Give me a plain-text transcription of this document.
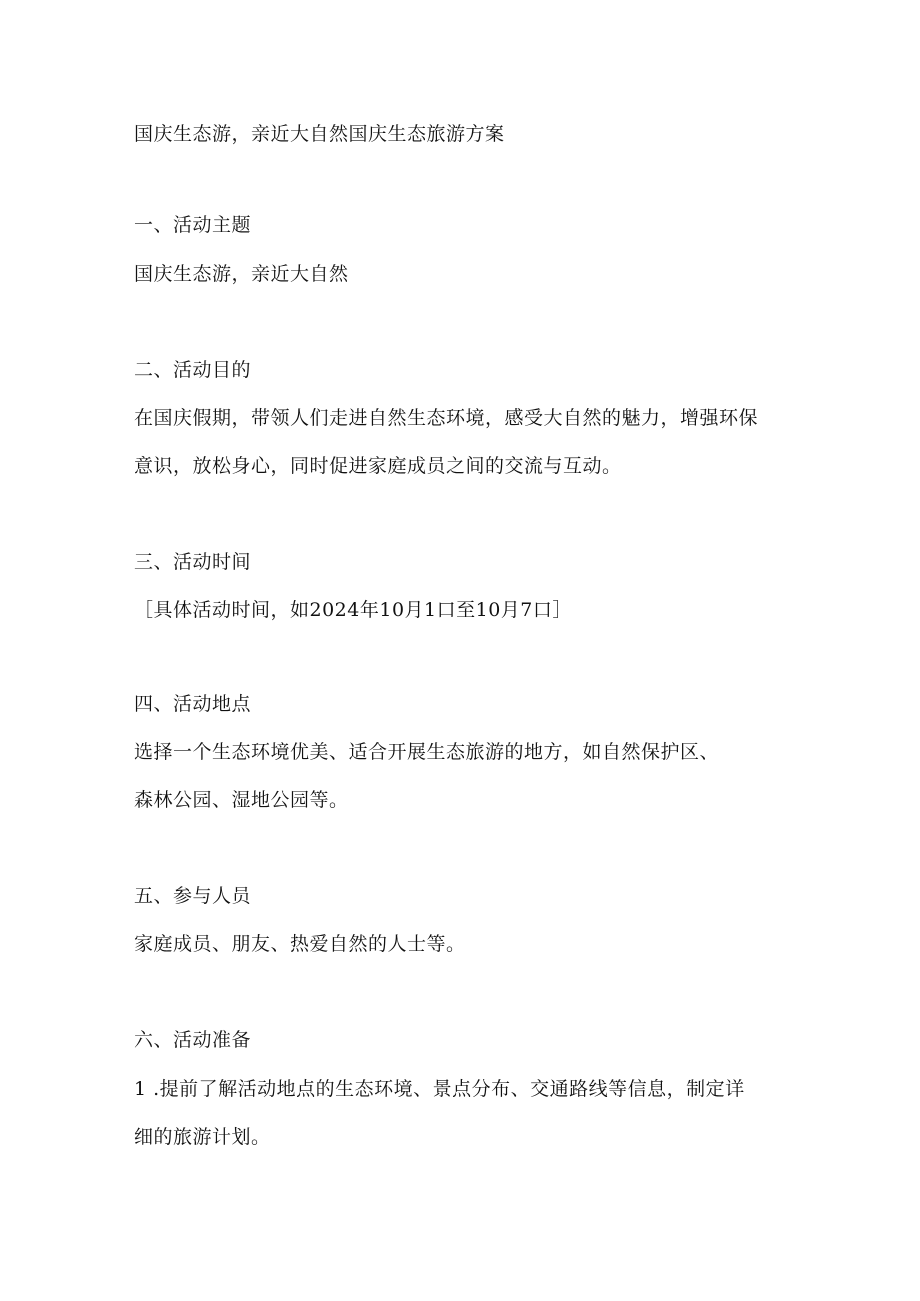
国庆生态游，亲近大自然国庆生态旅游方案
一、活动主题
国庆生态游，亲近大自然
二、活动目的
在国庆假期，带领人们走进自然生态环境，感受大自然的魅力，增强环保
意识，放松身心，同时促进家庭成员之间的交流与互动。
三、活动时间
［具体活动时间，如2024年10月1口至10月7口］
四、活动地点
选择一个生态环境优美、适合开展生态旅游的地方，如自然保护区、
森林公园、湿地公园等。
五、参与人员
家庭成员、朋友、热爱自然的人士等。
六、活动准备
1 .提前了解活动地点的生态环境、景点分布、交通路线等信息，制定详
细的旅游计划。
